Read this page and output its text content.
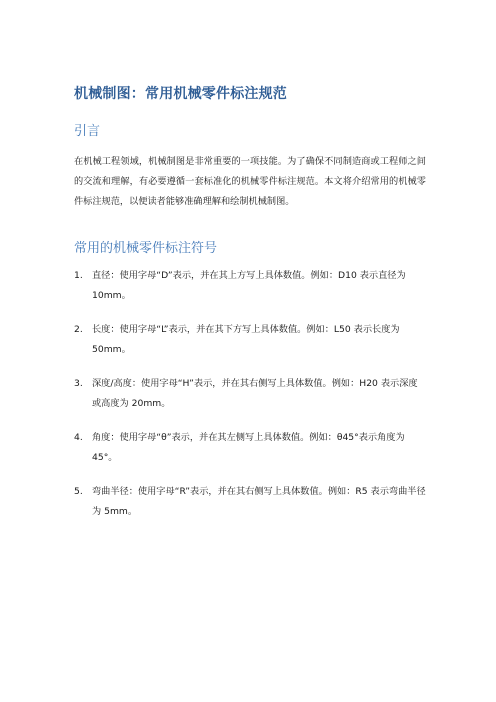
机械制图：常用机械零件标注规范
引言
在机械工程领域，机械制图是非常重要的一项技能。为了确保不同制造商或工程师之间的交流和理解，有必要遵循一套标准化的机械零件标注规范。本文将介绍常用的机械零件标注规范，以便读者能够准确理解和绘制机械制图。
常用的机械零件标注符号
1. 直径：使用字母“D”表示，并在其上方写上具体数值。例如：D10 表示直径为 10mm。
2. 长度：使用字母“L”表示，并在其下方写上具体数值。例如：L50 表示长度为 50mm。
3. 深度/高度：使用字母“H”表示，并在其右侧写上具体数值。例如：H20 表示深度或高度为 20mm。
4. 角度：使用字母“θ”表示，并在其左侧写上具体数值。例如：θ45°表示角度为 45°。
5. 弯曲半径：使用字母“R”表示，并在其右侧写上具体数值。例如：R5 表示弯曲半径为 5mm。
